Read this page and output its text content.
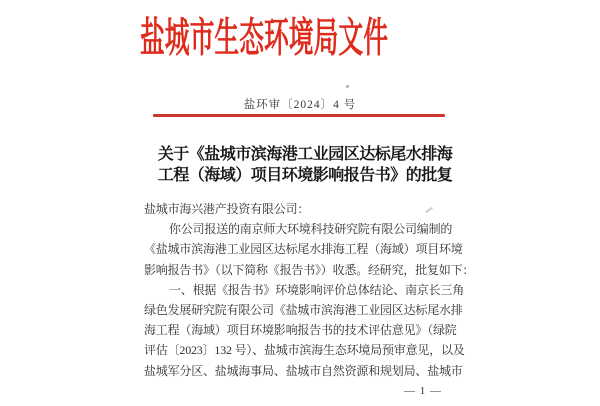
盐城市生态环境局文件
盐环审〔2024〕4 号
关于《盐城市滨海港工业园区达标尾水排海
工程（海域）项目环境影响报告书》的批复
盐城市海兴港产投资有限公司：
你公司报送的南京师大环境科技研究院有限公司编制的
《盐城市滨海港工业园区达标尾水排海工程（海域）项目环境
影响报告书》（以下简称《报告书》）收悉。经研究，批复如下：
一、根据《报告书》环境影响评价总体结论、南京长三角
绿色发展研究院有限公司《盐城市滨海港工业园区达标尾水排
海工程（海域）项目环境影响报告书的技术评估意见》（绿院
评估〔2023〕132 号）、盐城市滨海生态环境局预审意见，以及
盐城军分区、盐城海事局、盐城市自然资源和规划局、盐城市
— 1 —
